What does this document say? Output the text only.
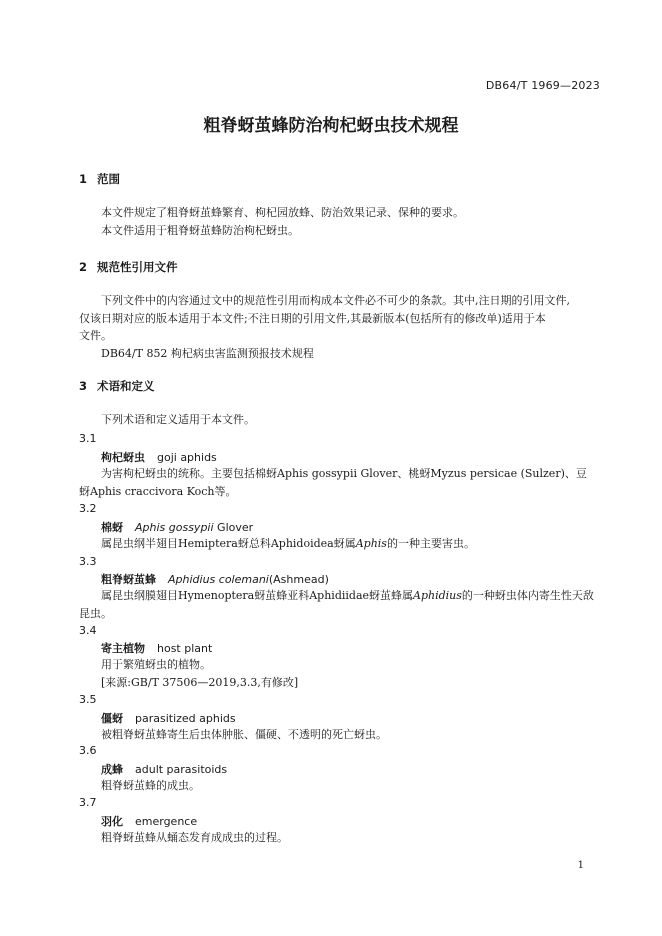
DB64/T 1969—2023
粗脊蚜茧蜂防治枸杞蚜虫技术规程
1 范围
本文件规定了粗脊蚜茧蜂繁育、枸杞园放蜂、防治效果记录、保种的要求。
本文件适用于粗脊蚜茧蜂防治枸杞蚜虫。
2 规范性引用文件
下列文件中的内容通过文中的规范性引用而构成本文件必不可少的条款。其中,注日期的引用文件,
仅该日期对应的版本适用于本文件;不注日期的引用文件,其最新版本(包括所有的修改单)适用于本
文件。
DB64/T 852 枸杞病虫害监测预报技术规程
3 术语和定义
下列术语和定义适用于本文件。
3.1
枸杞蚜虫 goji aphids
为害枸杞蚜虫的统称。主要包括棉蚜Aphis gossypii Glover、桃蚜Myzus persicae (Sulzer)、豆
蚜Aphis craccivora Koch等。
3.2
棉蚜 Aphis gossypii Glover
属昆虫纲半翅目Hemiptera蚜总科Aphidoidea蚜属Aphis的一种主要害虫。
3.3
粗脊蚜茧蜂 Aphidius colemani(Ashmead)
属昆虫纲膜翅目Hymenoptera蚜茧蜂亚科Aphidiidae蚜茧蜂属Aphidius的一种蚜虫体内寄生性天敌
昆虫。
3.4
寄主植物 host plant
用于繁殖蚜虫的植物。
[来源:GB/T 37506—2019,3.3,有修改]
3.5
僵蚜 parasitized aphids
被粗脊蚜茧蜂寄生后虫体肿胀、僵硬、不透明的死亡蚜虫。
3.6
成蜂 adult parasitoids
粗脊蚜茧蜂的成虫。
3.7
羽化 emergence
粗脊蚜茧蜂从蛹态发育成成虫的过程。
1
